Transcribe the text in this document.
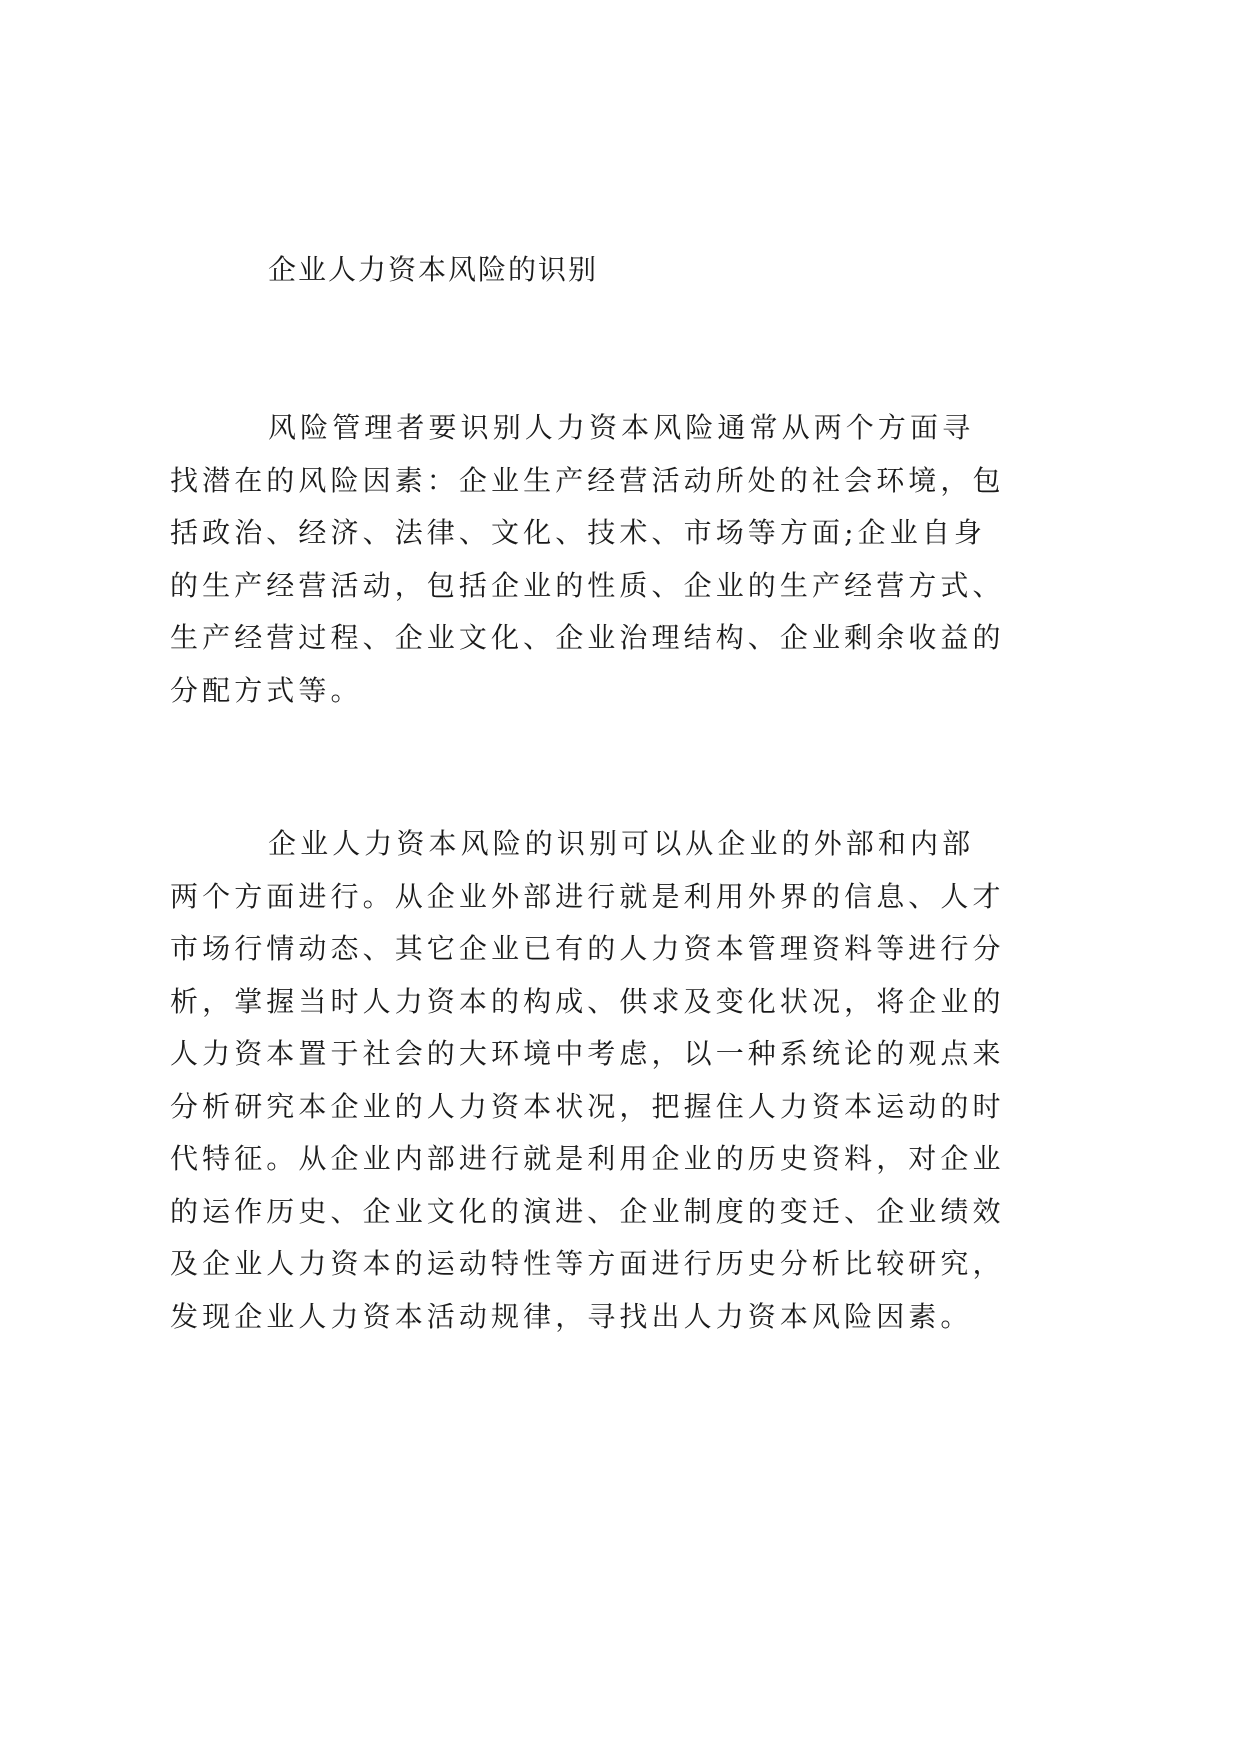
企业人力资本风险的识别
风险管理者要识别人力资本风险通常从两个方面寻
找潜在的风险因素：企业生产经营活动所处的社会环境，包
括政治、经济、法律、文化、技术、市场等方面;企业自身
的生产经营活动，包括企业的性质、企业的生产经营方式、
生产经营过程、企业文化、企业治理结构、企业剩余收益的
分配方式等。
企业人力资本风险的识别可以从企业的外部和内部
两个方面进行。从企业外部进行就是利用外界的信息、人才
市场行情动态、其它企业已有的人力资本管理资料等进行分
析，掌握当时人力资本的构成、供求及变化状况，将企业的
人力资本置于社会的大环境中考虑，以一种系统论的观点来
分析研究本企业的人力资本状况，把握住人力资本运动的时
代特征。从企业内部进行就是利用企业的历史资料，对企业
的运作历史、企业文化的演进、企业制度的变迁、企业绩效
及企业人力资本的运动特性等方面进行历史分析比较研究，
发现企业人力资本活动规律，寻找出人力资本风险因素。
